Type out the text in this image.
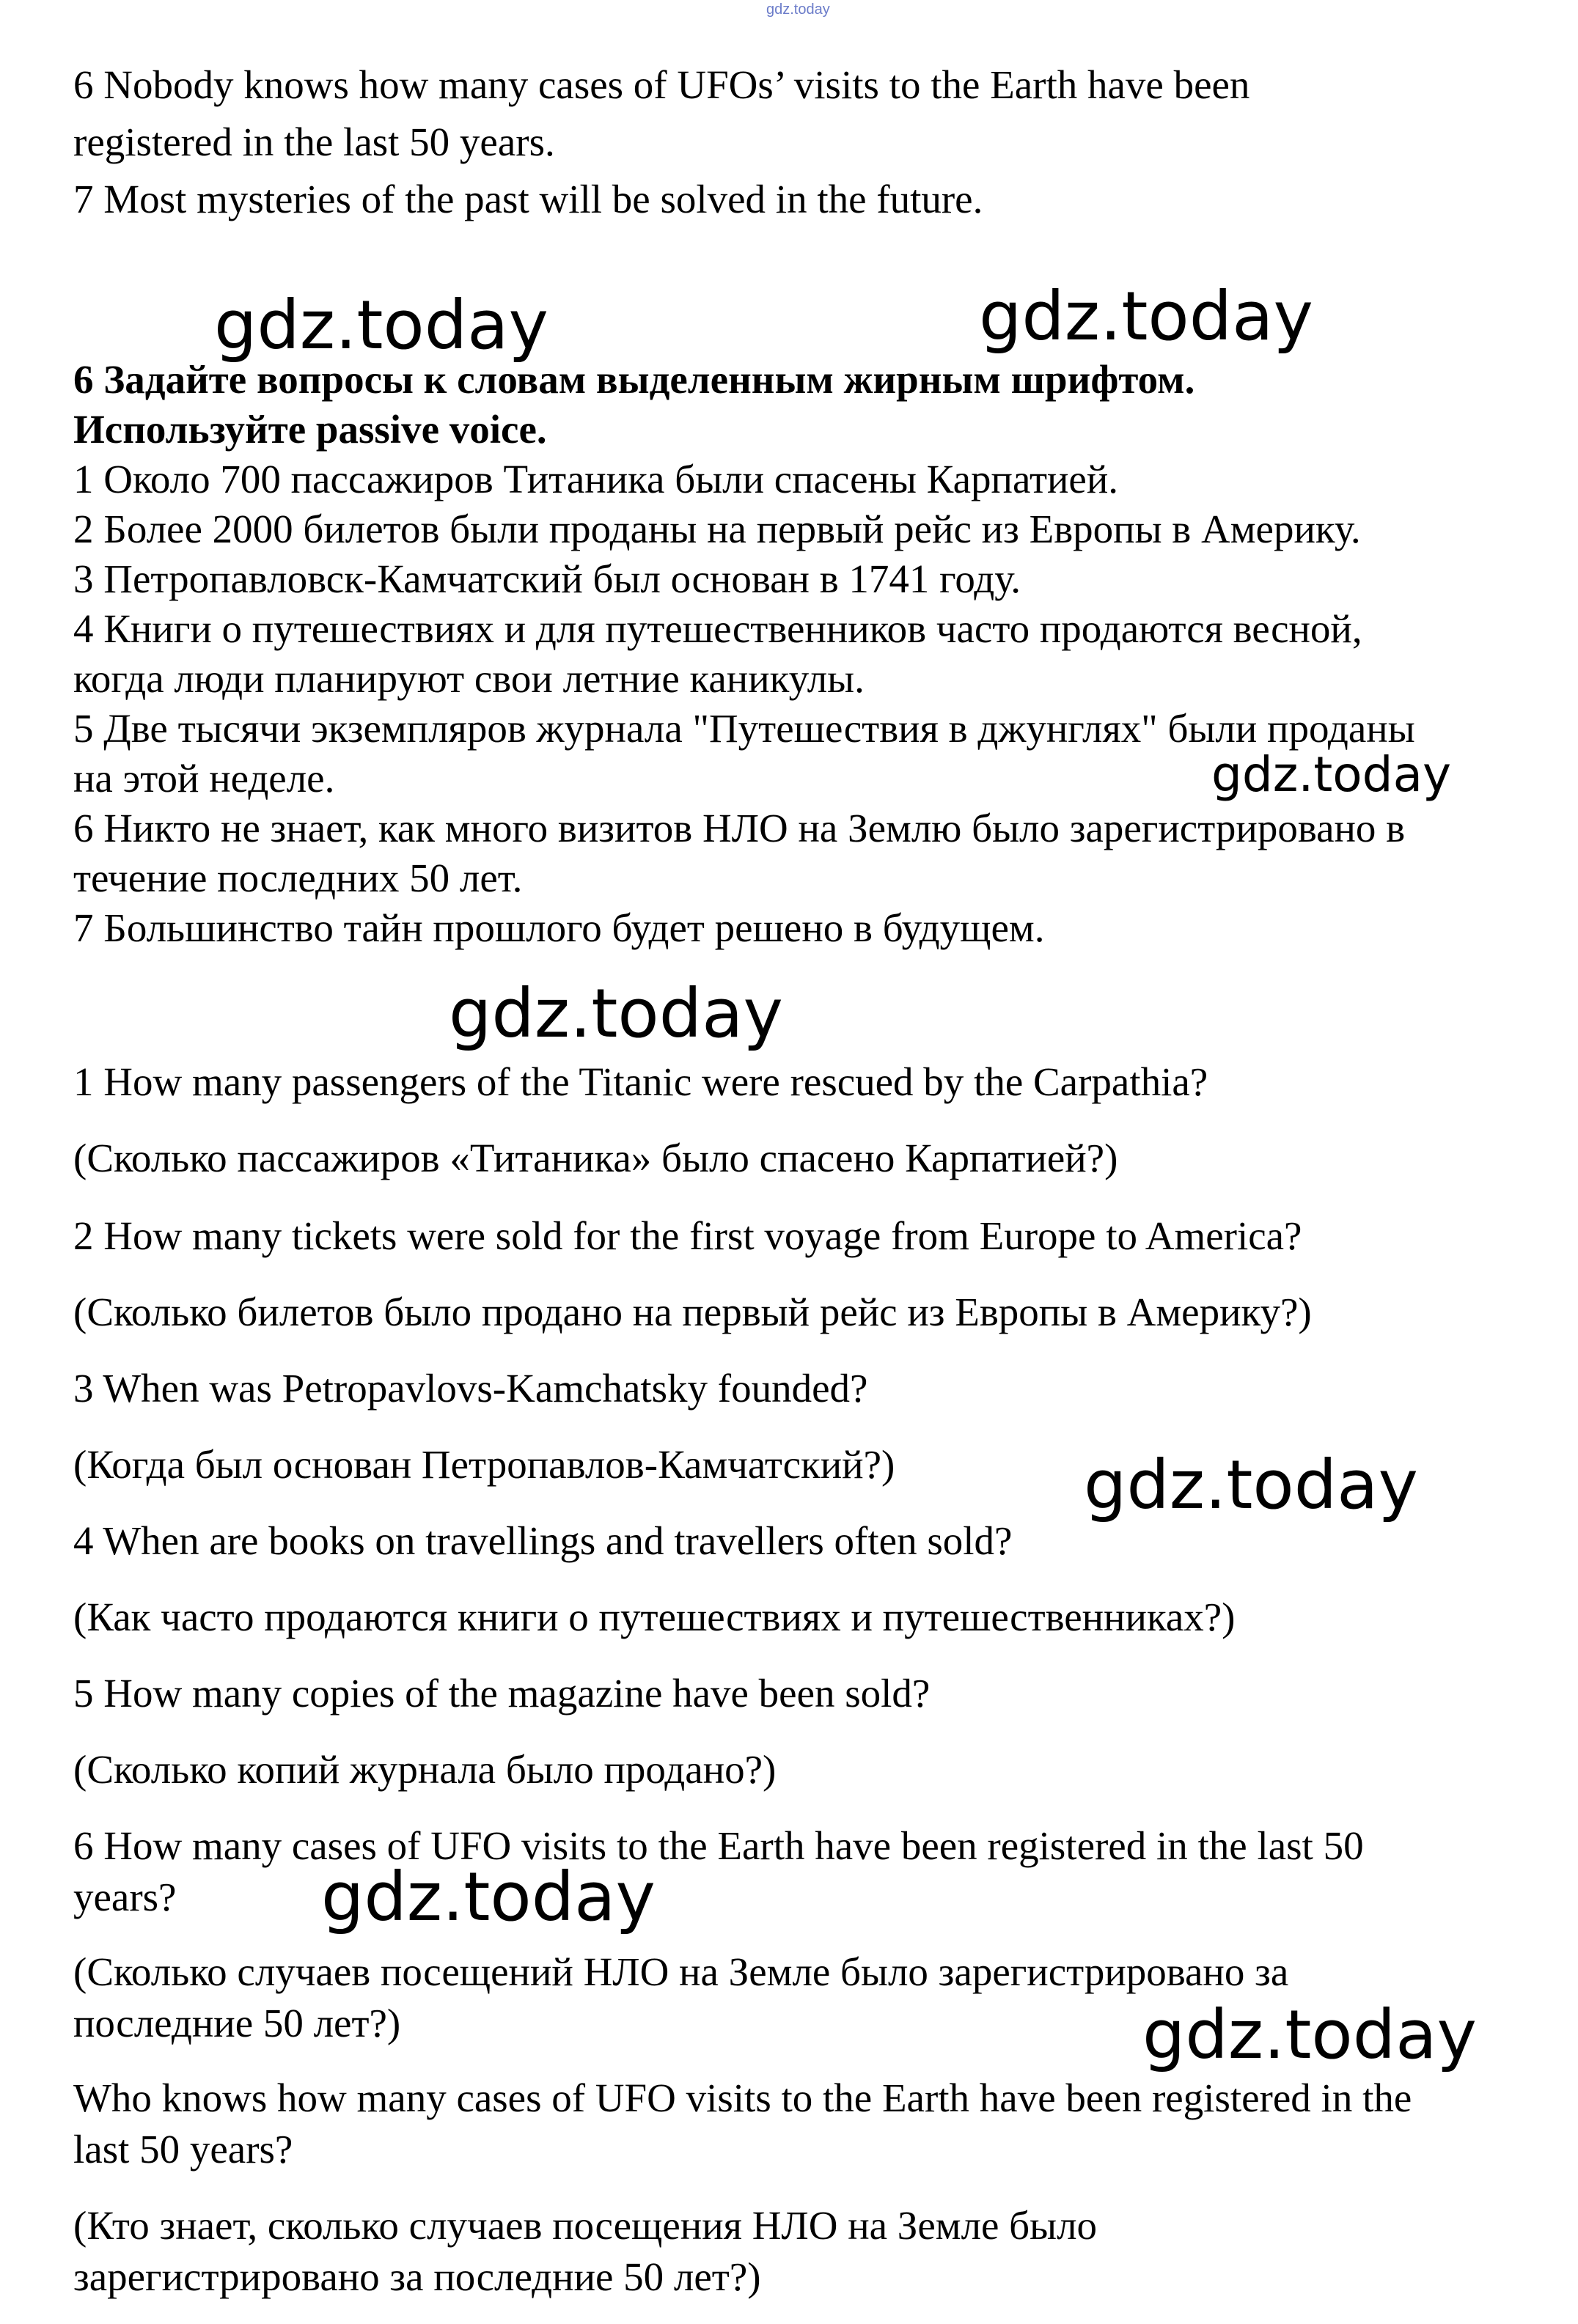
gdz.today
6 Nobody knows how many cases of UFOs’ visits to the Earth have been
registered in the last 50 years.
7 Most mysteries of the past will be solved in the future.
6 Задайте вопросы к словам выделенным жирным шрифтом.
Используйте passive voice.
1 Около 700 пассажиров Титаника были спасены Карпатией.
2 Более 2000 билетов были проданы на первый рейс из Европы в Америку.
3 Петропавловск-Камчатский был основан в 1741 году.
4 Книги о путешествиях и для путешественников часто продаются весной,
когда люди планируют свои летние каникулы.
5 Две тысячи экземпляров журнала "Путешествия в джунглях" были проданы
на этой неделе.
6 Никто не знает, как много визитов НЛО на Землю было зарегистрировано в
течение последних 50 лет.
7 Большинство тайн прошлого будет решено в будущем.
1 How many passengers of the Titanic were rescued by the Carpathia?
(Сколько пассажиров «Титаника» было спасено Карпатией?)
2 How many tickets were sold for the first voyage from Europe to America?
(Сколько билетов было продано на первый рейс из Европы в Америку?)
3 When was Petropavlovs-Kamchatsky founded?
(Когда был основан Петропавлов-Камчатский?)
4 When are books on travellings and travellers often sold?
(Как часто продаются книги о путешествиях и путешественниках?)
5 How many copies of the magazine have been sold?
(Сколько копий журнала было продано?)
6 How many cases of UFO visits to the Earth have been registered in the last 50
years?
(Сколько случаев посещений НЛО на Земле было зарегистрировано за
последние 50 лет?)
Who knows how many cases of UFO visits to the Earth have been registered in the
last 50 years?
(Кто знает, сколько случаев посещения НЛО на Земле было
зарегистрировано за последние 50 лет?)
gdz.today	gdz.today
gdz.today
gdz.today
gdz.today
gdz.today
gdz.today
